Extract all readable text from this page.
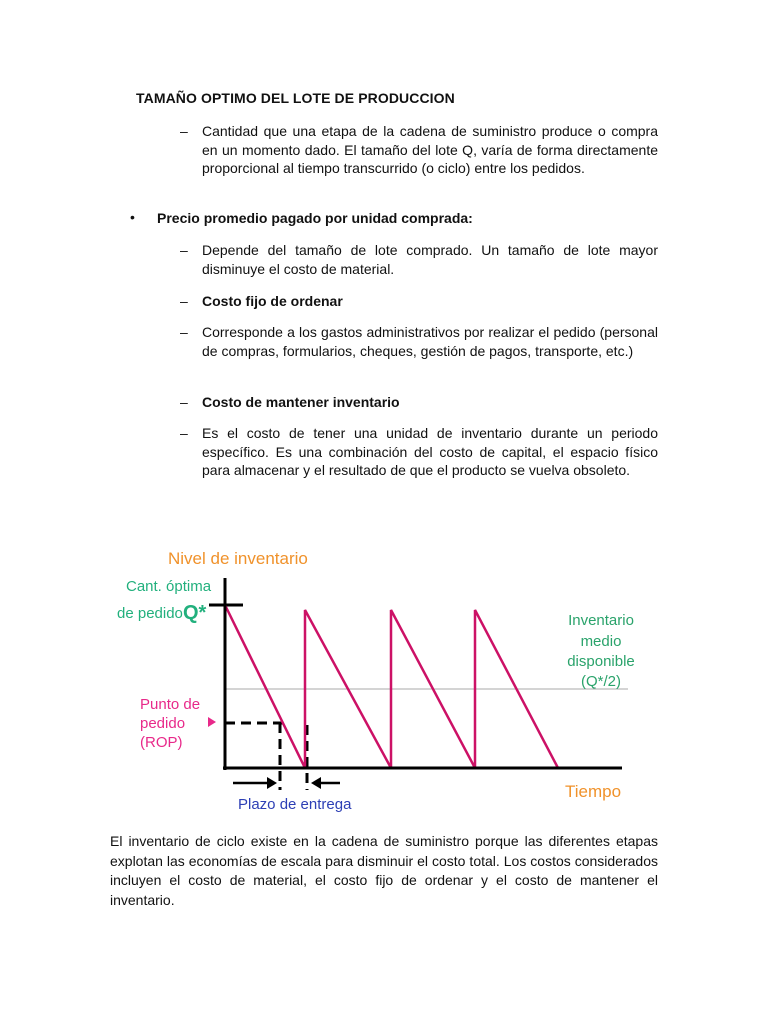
TAMAÑO OPTIMO DEL LOTE DE PRODUCCION
–	Cantidad que una etapa de la cadena de suministro produce o compra en un momento dado. El tamaño del lote Q, varía de forma directamente proporcional al tiempo transcurrido (o ciclo) entre los pedidos.
• Precio promedio pagado por unidad comprada:
–	Depende del tamaño de lote comprado. Un tamaño de lote mayor disminuye el costo de material.
–	Costo fijo de ordenar
–	Corresponde a los gastos administrativos por realizar el pedido (personal de compras, formularios, cheques, gestión de pagos, transporte, etc.)
–	Costo de mantener inventario
–	Es el costo de tener una unidad de inventario durante un periodo específico. Es una combinación del costo de capital, el espacio físico para almacenar y el resultado de que el producto se vuelva obsoleto.
Nivel de inventario
Cant. óptima
de pedido Q*
Punto de
pedido
(ROP)
Inventario
medio
disponible
(Q*/2)
Tiempo
Plazo de entrega
El inventario de ciclo existe en la cadena de suministro porque las diferentes etapas explotan las economías de escala para disminuir el costo total. Los costos considerados incluyen el costo de material, el costo fijo de ordenar y el costo de mantener el inventario.
